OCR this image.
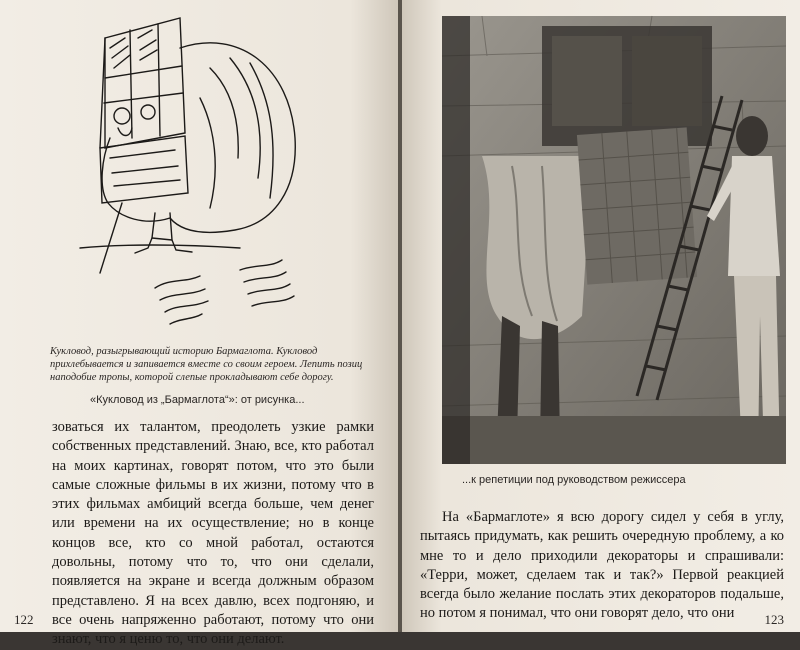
Кукловод, разыгрывающий историю Бармаглота. Кукловод прихлебывается и запивается вместе со своим героем. Лепить позиц наподобие тропы, которой слепые прокладывают себе дорогу.
«Кукловод из „Бармаглота“»: от рисунка...

зоваться их талантом, преодолеть узкие рамки собственных представлений. Знаю, все, кто работал на моих картинах, говорят потом, что это были самые сложные фильмы в их жизни, потому что в этих фильмах амбиций всегда больше, чем денег или времени на их осуществление; но в конце концов все, кто со мной работал, остаются довольны, потому что то, что они сделали, появляется на экране и всегда должным образом представлено. Я на всех давлю, всех подгоняю, и все очень напряженно работают, потому что они знают, что я ценю то, что они делают.

122
...к репетиции под руководством режиссера

На «Бармаглоте» я всю дорогу сидел у себя в углу, пытаясь придумать, как решить очередную проблему, а ко мне то и дело приходили декораторы и спрашивали: «Терри, может, сделаем так и так?» Первой реакцией всегда было желание послать этих декораторов подальше, но потом я понимал, что они говорят дело, что они	123
